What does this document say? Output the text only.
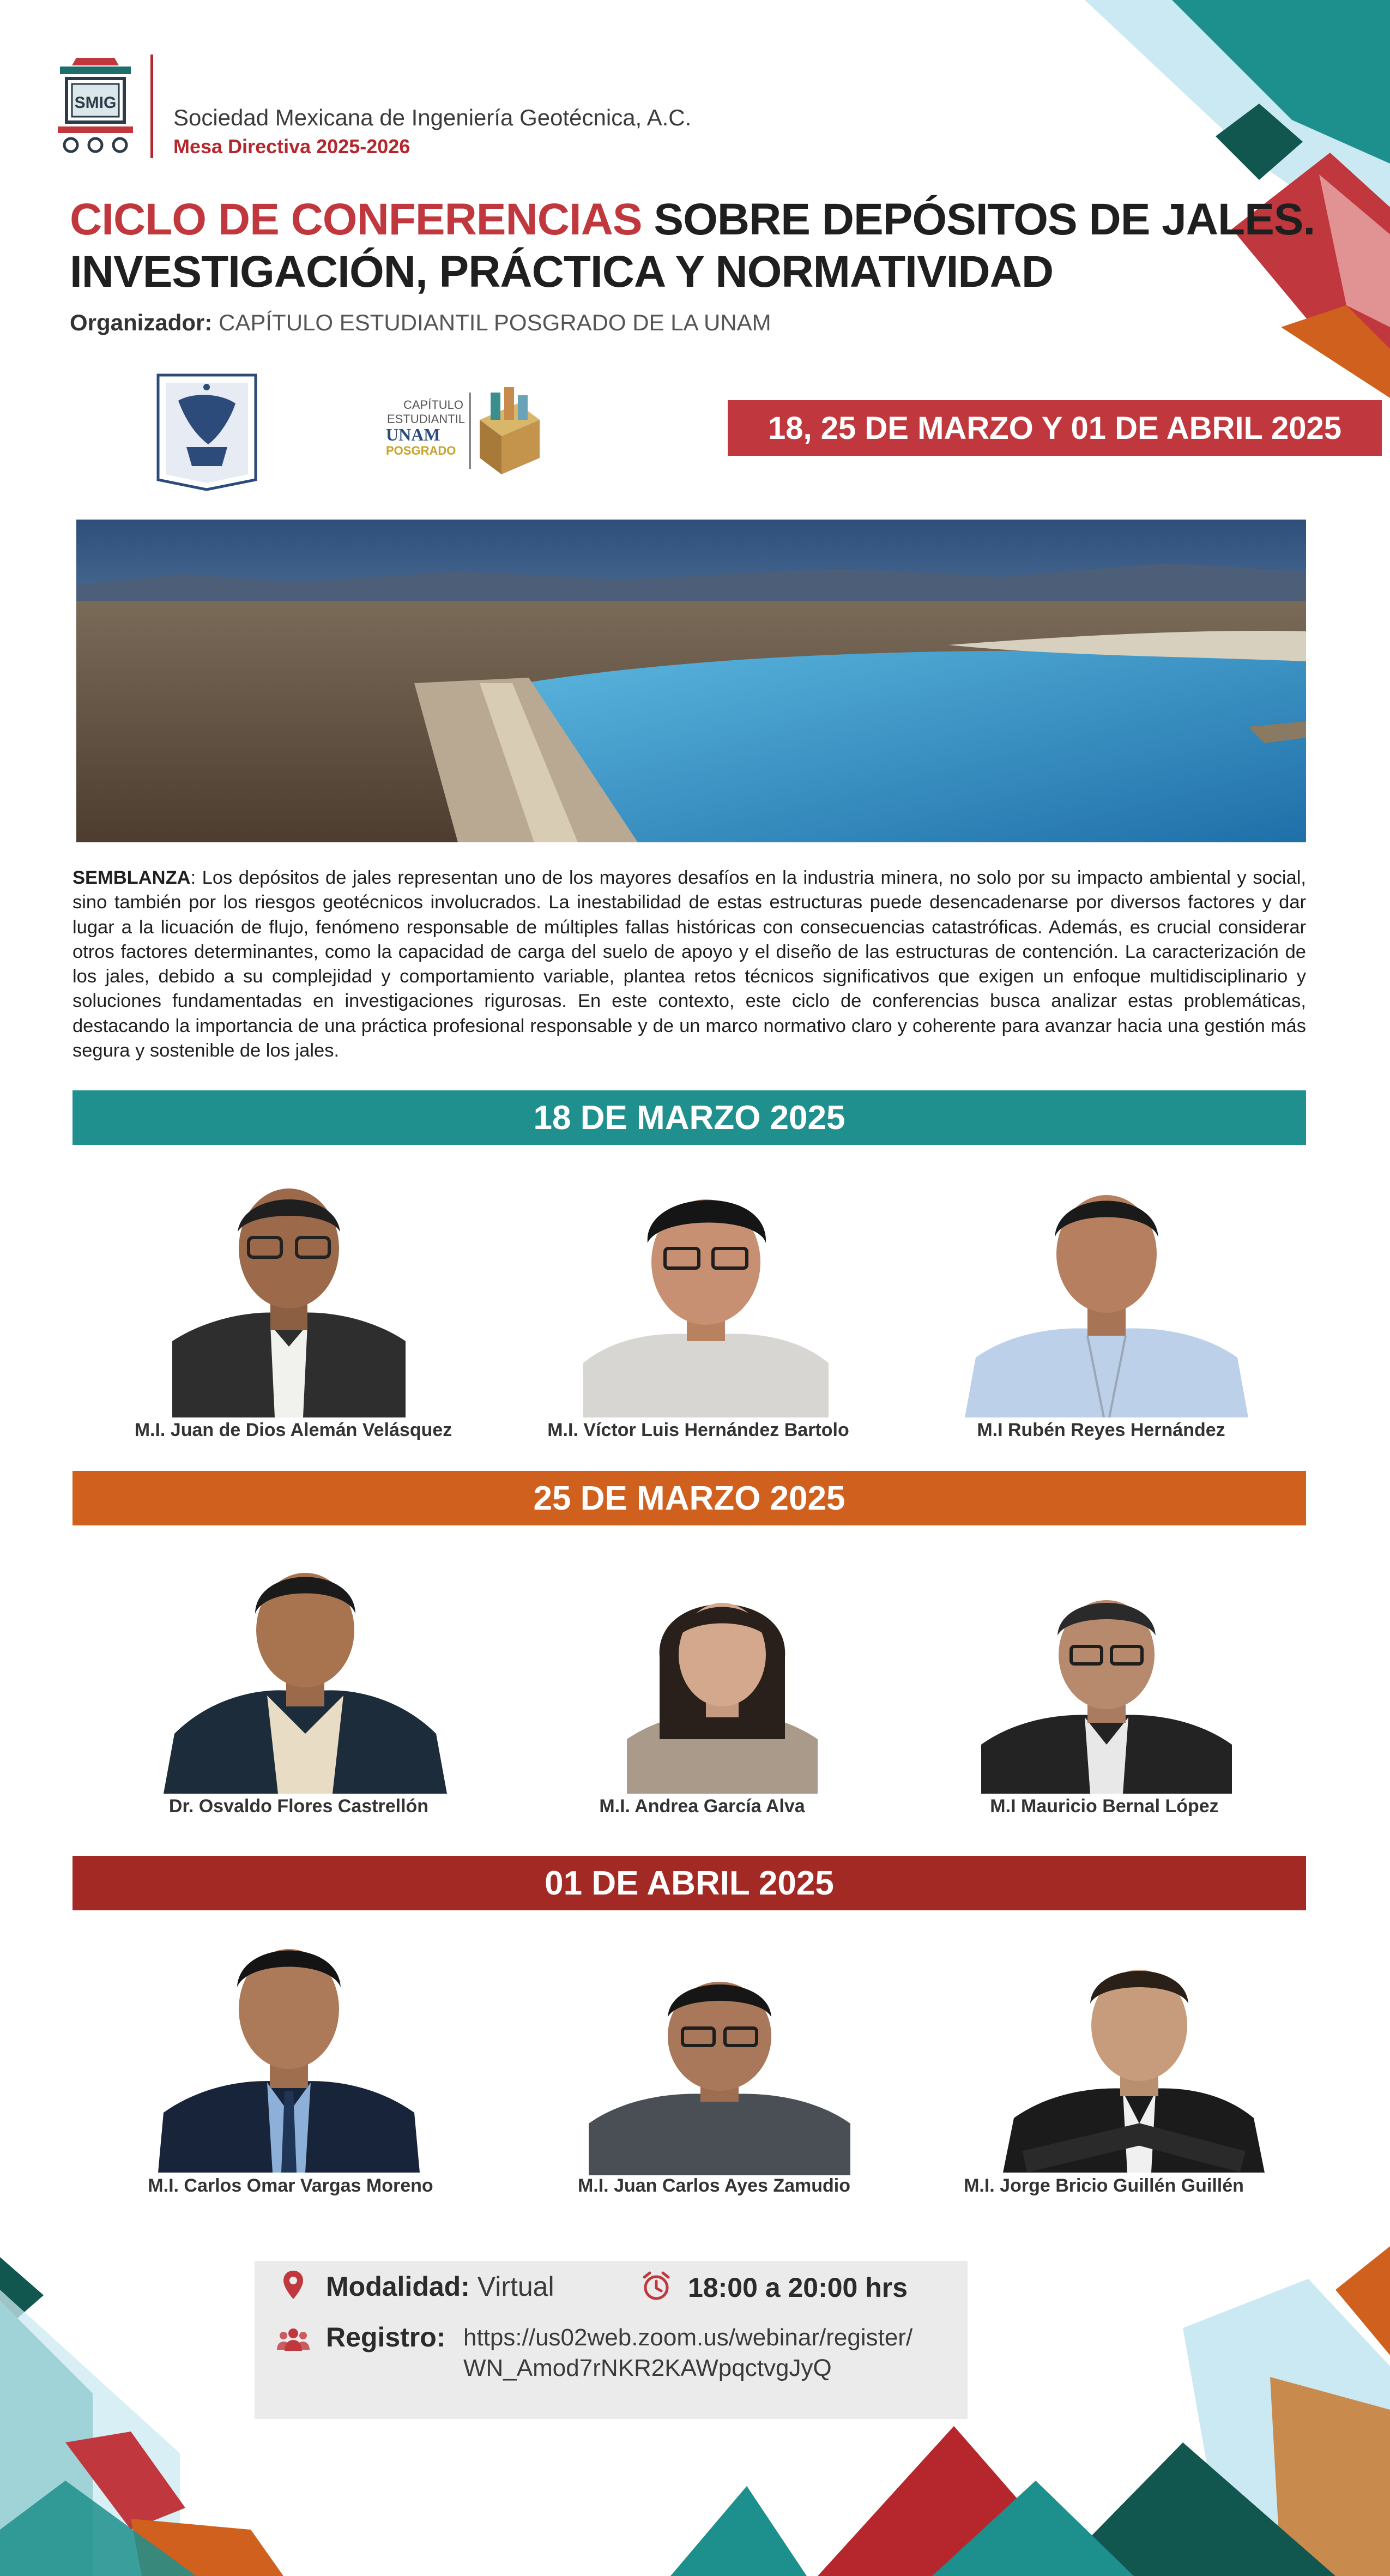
SMIG
Sociedad Mexicana de Ingeniería Geotécnica, A.C.
Mesa Directiva 2025-2026
CICLO DE CONFERENCIAS SOBRE DEPÓSITOS DE JALES.
INVESTIGACIÓN, PRÁCTICA Y NORMATIVIDAD
Organizador: CAPÍTULO ESTUDIANTIL POSGRADO DE LA UNAM
CAPÍTULO
ESTUDIANTIL
UNAM
POSGRADO
18, 25 DE MARZO Y 01 DE ABRIL 2025
SEMBLANZA: Los depósitos de jales representan uno de los mayores desafíos en la industria minera, no solo por su impacto ambiental y social, sino también por los riesgos geotécnicos involucrados. La inestabilidad de estas estructuras puede desencadenarse por diversos factores y dar lugar a la licuación de flujo, fenómeno responsable de múltiples fallas históricas con consecuencias catastróficas. Además, es crucial considerar otros factores determinantes, como la capacidad de carga del suelo de apoyo y el diseño de las estructuras de contención. La caracterización de los jales, debido a su complejidad y comportamiento variable, plantea retos técnicos significativos que exigen un enfoque multidisciplinario y soluciones fundamentadas en investigaciones rigurosas. En este contexto, este ciclo de conferencias busca analizar estas problemáticas, destacando la importancia de una práctica profesional responsable y de un marco normativo claro y coherente para avanzar hacia una gestión más segura y sostenible de los jales.
18 DE MARZO 2025
M.I. Juan de Dios Alemán Velásquez	M.I. Víctor Luis Hernández Bartolo	M.I Rubén Reyes Hernández
25 DE MARZO 2025
Dr. Osvaldo Flores Castrellón	M.I. Andrea García Alva	M.I Mauricio Bernal López
01 DE ABRIL 2025
M.I. Carlos Omar Vargas Moreno	M.I. Juan Carlos Ayes Zamudio	M.I. Jorge Bricio Guillén Guillén
Modalidad: Virtual	18:00 a 20:00 hrs
Registro: https://us02web.zoom.us/webinar/register/
WN_Amod7rNKR2KAWpqctvgJyQ
